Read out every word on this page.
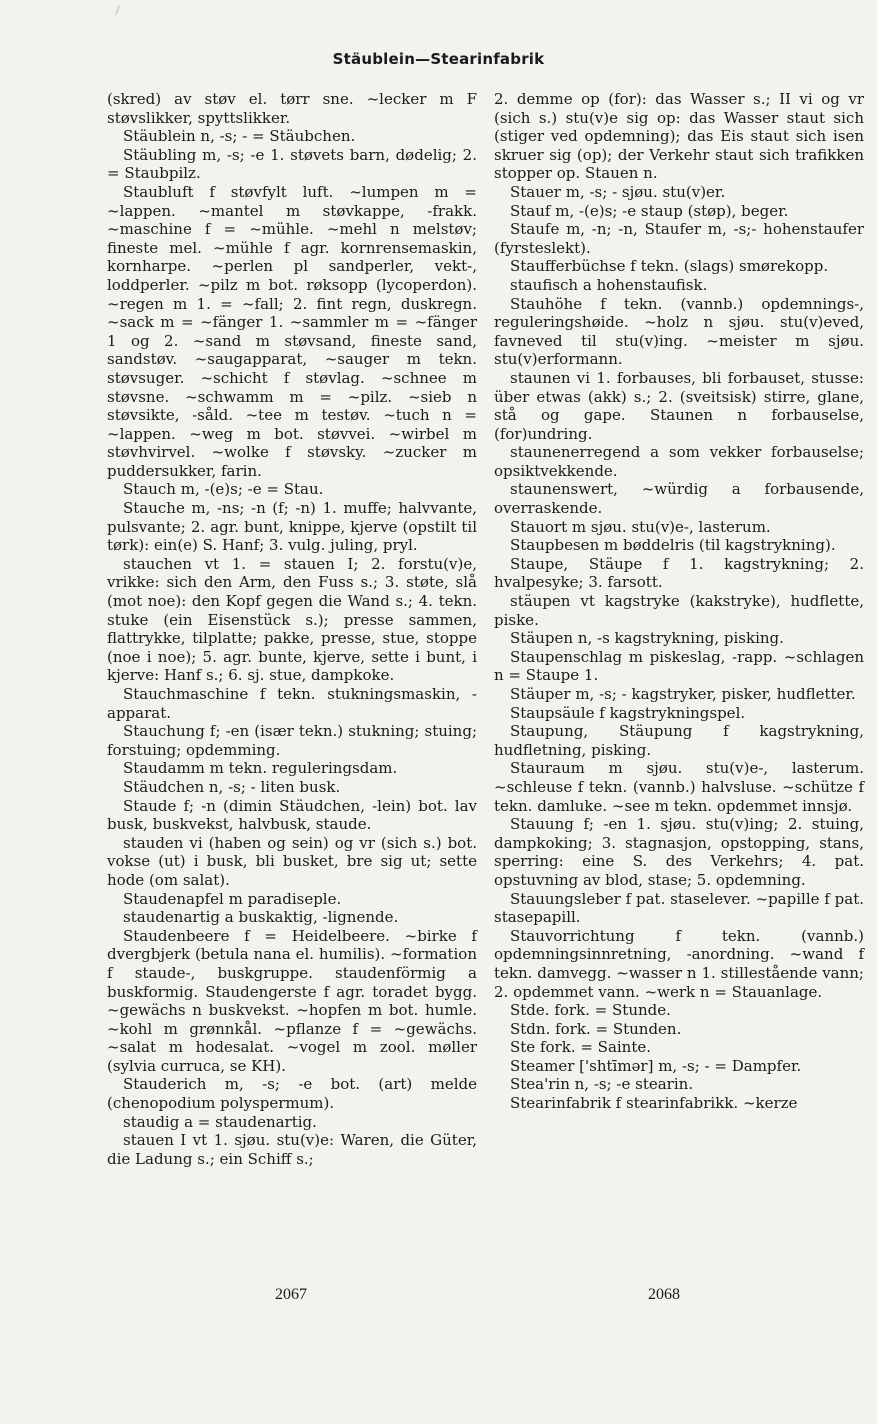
Stäublein—Stearinfabrik

(skred) av støv el. tørr sne. ~lecker m F støvslikker, spyttslikker.

Stäublein n, -s; - = Stäubchen.

Stäubling m, -s; -e 1. støvets barn, dødelig; 2. = Staubpilz.

Staubluft f støvfylt luft. ~lumpen m = ~lappen. ~mantel m støvkappe, -frakk. ~maschine f = ~mühle. ~mehl n melstøv; fineste mel. ~mühle f agr. kornrensemaskin, kornharpe. ~perlen pl sandperler, vekt-, loddperler. ~pilz m bot. røksopp (lycoperdon). ~regen m 1. = ~fall; 2. fint regn, duskregn. ~sack m = ~fänger 1. ~sammler m = ~fänger 1 og 2. ~sand m støvsand, fineste sand, sandstøv. ~saugapparat, ~sauger m tekn. støvsuger. ~schicht f støvlag. ~schnee m støvsne. ~schwamm m = ~pilz. ~sieb n støvsikte, -såld. ~tee m testøv. ~tuch n = ~lappen. ~weg m bot. støvvei. ~wirbel m støvhvirvel. ~wolke f støvsky. ~zucker m puddersukker, farin.

Stauch m, -(e)s; -e = Stau.

Stauche m, -ns; -n (f; -n) 1. muffe; halvvante, pulsvante; 2. agr. bunt, knippe, kjerve (opstilt til tørk): ein(e) S. Hanf; 3. vulg. juling, pryl.

stauchen vt 1. = stauen I; 2. forstu(v)e, vrikke: sich den Arm, den Fuss s.; 3. støte, slå (mot noe): den Kopf gegen die Wand s.; 4. tekn. stuke (ein Eisenstück s.); presse sammen, flattrykke, tilplatte; pakke, presse, stue, stoppe (noe i noe); 5. agr. bunte, kjerve, sette i bunt, i kjerve: Hanf s.; 6. sj. stue, dampkoke.

Stauchmaschine f tekn. stukningsmaskin, -apparat.

Stauchung f; -en (især tekn.) stukning; stuing; forstuing; opdemming.

Staudamm m tekn. reguleringsdam.

Stäudchen n, -s; - liten busk.

Staude f; -n (dimin Stäudchen, -lein) bot. lav busk, buskvekst, halvbusk, staude.

stauden vi (haben og sein) og vr (sich s.) bot. vokse (ut) i busk, bli busket, bre sig ut; sette hode (om salat).

Staudenapfel m paradiseple.

staudenartig a buskaktig, -lignende.

Staudenbeere f = Heidelbeere. ~birke f dvergbjerk (betula nana el. humilis). ~formation f staude-, buskgruppe. staudenförmig a buskformig. Staudengerste f agr. toradet bygg. ~gewächs n buskvekst. ~hopfen m bot. humle. ~kohl m grønnkål. ~pflanze f = ~gewächs. ~salat m hodesalat. ~vogel m zool. møller (sylvia curruca, se KH).

Stauderich m, -s; -e bot. (art) melde (chenopodium polyspermum).

staudig a = staudenartig.

stauen I vt 1. sjøu. stu(v)e: Waren, die Güter, die Ladung s.; ein Schiff s.;

2. demme op (for): das Wasser s.; II vi og vr (sich s.) stu(v)e sig op: das Wasser staut sich (stiger ved opdemning); das Eis staut sich isen skruer sig (op); der Verkehr staut sich trafikken stopper op. Stauen n.

Stauer m, -s; - sjøu. stu(v)er.

Stauf m, -(e)s; -e staup (støp), beger.

Staufe m, -n; -n, Staufer m, -s;- hohenstaufer (fyrsteslekt).

Staufferbüchse f tekn. (slags) smørekopp.

staufisch a hohenstaufisk.

Stauhöhe f tekn. (vannb.) opdemnings-, reguleringshøide. ~holz n sjøu. stu(v)eved, favneved til stu(v)ing. ~meister m sjøu. stu(v)erformann.

staunen vi 1. forbauses, bli forbauset, stusse: über etwas (akk) s.; 2. (sveitsisk) stirre, glane, stå og gape. Staunen n forbauselse, (for)undring.

staunenerregend a som vekker forbauselse; opsiktvekkende.

staunenswert, ~würdig a forbausende, overraskende.

Stauort m sjøu. stu(v)e-, lasterum.

Staupbesen m bøddelris (til kagstrykning).

Staupe, Stäupe f 1. kagstrykning; 2. hvalpesyke; 3. farsott.

stäupen vt kagstryke (kakstryke), hudflette, piske.

Stäupen n, -s kagstrykning, pisking.

Staupenschlag m piskeslag, -rapp. ~schlagen n = Staupe 1.

Stäuper m, -s; - kagstryker, pisker, hudfletter.

Staupsäule f kagstrykningspel.

Staupung, Stäupung f kagstrykning, hudfletning, pisking.

Stauraum m sjøu. stu(v)e-, lasterum. ~schleuse f tekn. (vannb.) halvsluse. ~schütze f tekn. damluke. ~see m tekn. opdemmet innsjø.

Stauung f; -en 1. sjøu. stu(v)ing; 2. stuing, dampkoking; 3. stagnasjon, opstopping, stans, sperring: eine S. des Verkehrs; 4. pat. opstuvning av blod, stase; 5. opdemning.

Stauungsleber f pat. staselever. ~papille f pat. stasepapill.

Stauvorrichtung f tekn. (vannb.) opdemningsinnretning, -anordning. ~wand f tekn. damvegg. ~wasser n 1. stillestående vann; 2. opdemmet vann. ~werk n = Stauanlage.

Stde. fork. = Stunde.

Stdn. fork. = Stunden.

Ste fork. = Sainte.

Steamer ['shtīmər] m, -s; - = Dampfer.

Stea'rin n, -s; -e stearin.

Stearinfabrik f stearinfabrikk. ~kerze

2067	2068
